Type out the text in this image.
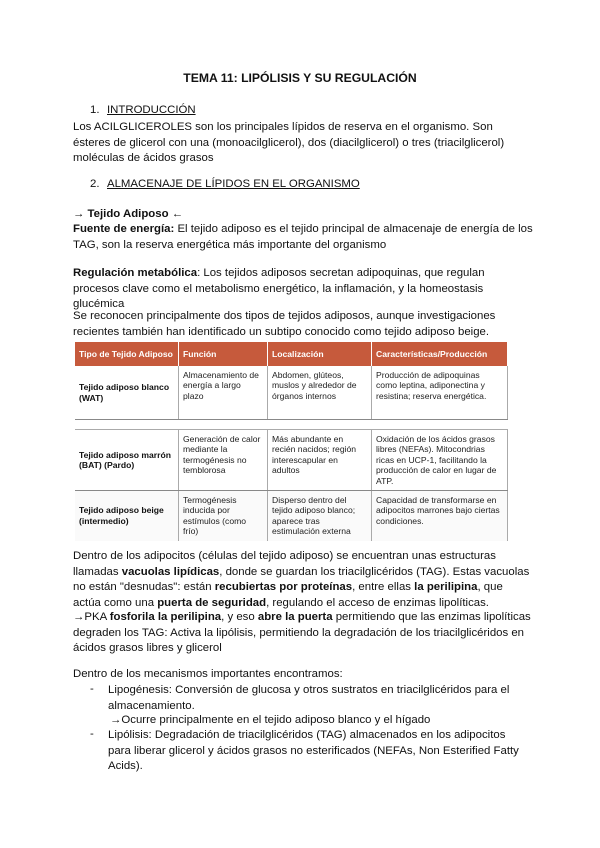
TEMA 11: LIPÓLISIS Y SU REGULACIÓN
1. INTRODUCCIÓN

Los ACILGLICEROLES son los principales lípidos de reserva en el organismo. Son ésteres de glicerol con una (monoacilglicerol), dos (diacilglicerol) o tres (triacilglicerol) moléculas de ácidos grasos

2. ALMACENAJE DE LÍPIDOS EN EL ORGANISMO

→ Tejido Adiposo ←

Fuente de energía: El tejido adiposo es el tejido principal de almacenaje de energía de los TAG, son la reserva energética más importante del organismo

Regulación metabólica: Los tejidos adiposos secretan adipoquinas, que regulan procesos clave como el metabolismo energético, la inflamación, y la homeostasis glucémica

Se reconocen principalmente dos tipos de tejidos adiposos, aunque investigaciones recientes también han identificado un subtipo conocido como tejido adiposo beige.

Tipo de Tejido Adiposo	Función	Localización	Características/Producción
Tejido adiposo blanco (WAT)	Almacenamiento de energía a largo plazo	Abdomen, glúteos, muslos y alrededor de órganos internos	Producción de adipoquinas como leptina, adiponectina y resistina; reserva energética.

Tejido adiposo marrón (BAT) (Pardo)	Generación de calor mediante la termogénesis no temblorosa	Más abundante en recién nacidos; región interescapular en adultos	Oxidación de los ácidos grasos libres (NEFAs). Mitocondrias ricas en UCP-1, facilitando la producción de calor en lugar de ATP.
Tejido adiposo beige (intermedio)	Termogénesis inducida por estímulos (como frío)	Disperso dentro del tejido adiposo blanco; aparece tras estimulación externa	Capacidad de transformarse en adipocitos marrones bajo ciertas condiciones.

Dentro de los adipocitos (células del tejido adiposo) se encuentran unas estructuras llamadas vacuolas lipídicas, donde se guardan los triacilglicéridos (TAG). Estas vacuolas no están "desnudas": están recubiertas por proteínas, entre ellas la perilipina, que actúa como una puerta de seguridad, regulando el acceso de enzimas lipolíticas.

→PKA fosforila la perilipina, y eso abre la puerta permitiendo que las enzimas lipolíticas degraden los TAG: Activa la lipólisis, permitiendo la degradación de los triacilglicéridos en ácidos grasos libres y glicerol

Dentro de los mecanismos importantes encontramos:

- Lipogénesis: Conversión de glucosa y otros sustratos en triacilglicéridos para el almacenamiento.

→Ocurre principalmente en el tejido adiposo blanco y el hígado

- Lipólisis: Degradación de triacilglicéridos (TAG) almacenados en los adipocitos para liberar glicerol y ácidos grasos no esterificados (NEFAs, Non Esterified Fatty Acids).
